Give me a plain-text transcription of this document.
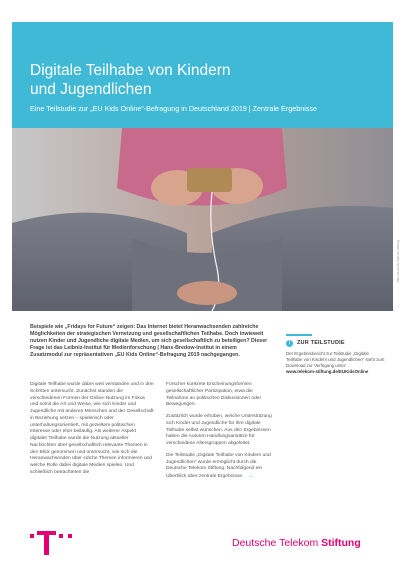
Digitale Teilhabe von Kindern
und Jugendlichen
Eine Teilstudie zur „EU Kids Online“-Befragung in Deutschland 2019 | Zentrale Ergebnisse
Bild: Deutsche Telekom Stiftung
Beispiele wie „Fridays for Future“ zeigen: Das Internet bietet Heranwachsenden zahlreiche Möglichkeiten der strategischen Vernetzung und gesellschaftlichen Teilhabe. Doch inwieweit nutzen Kinder und Jugendliche digitale Medien, um sich gesellschaftlich zu beteiligen? Dieser Frage ist das Leibniz-Institut für Medienforschung | Hans-Bredow-Institut in einem Zusatzmodul zur repräsentativen „EU Kids Online“-Befragung 2019 nachgegangen.
!	ZUR TEILSTUDIE
Der Ergebnisbericht zur Teilstudie „Digitale Teilhabe von Kindern und Jugendlichen“ steht zum Download zur Verfügung unter:
www.telekom-stiftung.de/EUKidsOnline

Digitale Teilhabe wurde dabei weit verstanden und in drei Schritten untersucht. Zunächst standen die verschiedenen Formen der Online-Nutzung im Fokus und somit die Art und Weise, wie sich Kinder und Jugendliche mit anderen Menschen und der Gesellschaft in Beziehung setzen – spielerisch oder unterhaltungsorientiert, mit gezieltem politischen Interesse oder eher beiläufig. Als weiterer Aspekt digitaler Teilhabe wurde die Nutzung aktueller Nachrichten über gesellschaftlich relevante Themen in den Blick genommen und untersucht, wie sich die Heranwachsenden über solche Themen informieren und welche Rolle dabei digitale Medien spielen. Und schließlich betrachteten die

Forscher konkrete Erscheinungsformen gesellschaftlicher Partizipation, etwa die Teilnahme an politischen Diskussionen oder Bewegungen.

Zusätzlich wurde erhoben, welche Unterstützung sich Kinder und Jugendliche für ihre digitale Teilhabe selbst wünschen. Aus den Ergebnissen haben die Autoren Handlungsansätze für verschiedene Altersgruppen abgeleitet.

Die Teilstudie „Digitale Teilhabe von Kindern und Jugendlichen“ wurde ermöglicht durch die Deutsche Telekom Stiftung. Nachfolgend ein Überblick über zentrale Ergebnisse. →

Deutsche Telekom Stiftung
